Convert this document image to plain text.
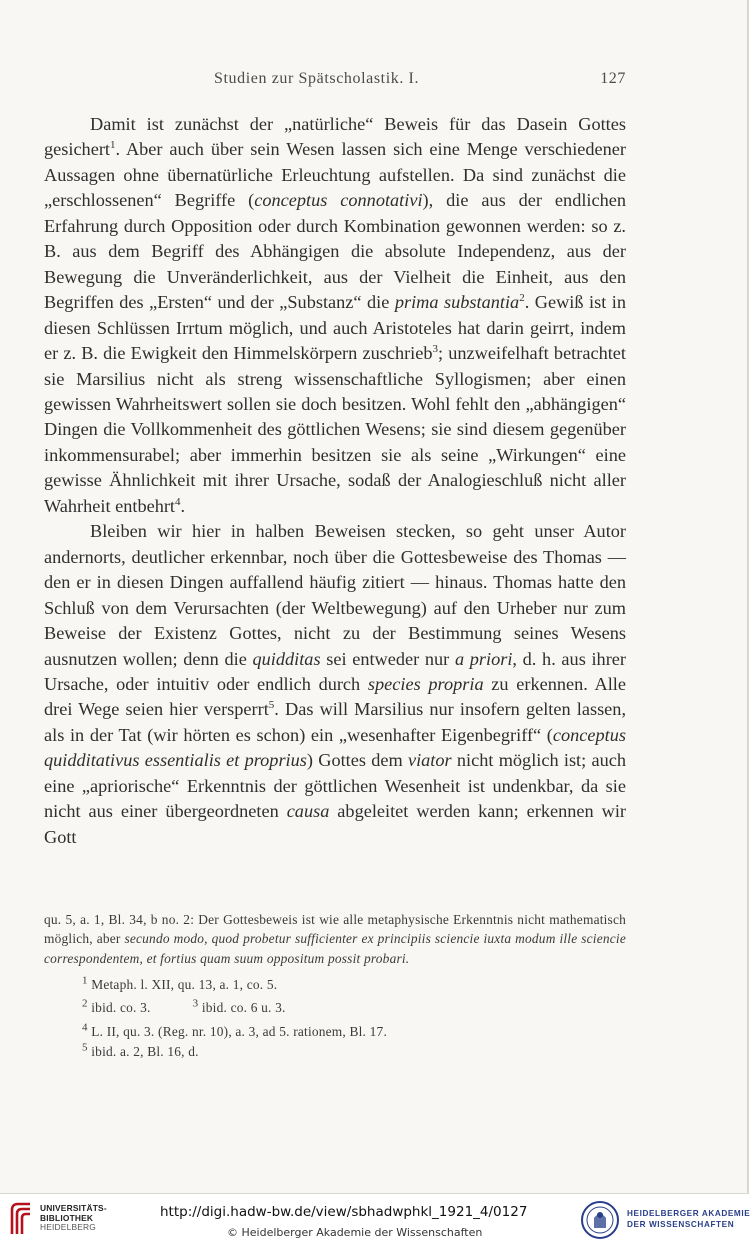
Studien zur Spätscholastik. I.	127

Damit ist zunächst der „natürliche“ Beweis für das Dasein Gottes gesichert$^1$. Aber auch über sein Wesen lassen sich eine Menge verschiedener Aussagen ohne übernatürliche Erleuchtung aufstellen. Da sind zunächst die „erschlossenen“ Begriffe (conceptus connotativi), die aus der endlichen Erfahrung durch Opposition oder durch Kombination gewonnen werden: so z. B. aus dem Begriff des Abhängigen die absolute Independenz, aus der Bewegung die Unveränderlichkeit, aus der Vielheit die Einheit, aus den Begriffen des „Ersten“ und der „Substanz“ die prima substantia$^2$. Gewiß ist in diesen Schlüssen Irrtum möglich, und auch Aristoteles hat darin geirrt, indem er z. B. die Ewigkeit den Himmelskörpern zuschrieb$^3$; unzweifelhaft betrachtet sie Marsilius nicht als streng wissenschaftliche Syllogismen; aber einen gewissen Wahrheitswert sollen sie doch besitzen. Wohl fehlt den „abhängigen“ Dingen die Vollkommenheit des göttlichen Wesens; sie sind diesem gegenüber inkommensurabel; aber immerhin besitzen sie als seine „Wirkungen“ eine gewisse Ähnlichkeit mit ihrer Ursache, sodaß der Analogieschluß nicht aller Wahrheit entbehrt$^4$.

Bleiben wir hier in halben Beweisen stecken, so geht unser Autor andernorts, deutlicher erkennbar, noch über die Gottesbeweise des Thomas — den er in diesen Dingen auffallend häufig zitiert — hinaus. Thomas hatte den Schluß von dem Verursachten (der Weltbewegung) auf den Urheber nur zum Beweise der Existenz Gottes, nicht zu der Bestimmung seines Wesens ausnutzen wollen; denn die quidditas sei entweder nur a priori, d. h. aus ihrer Ursache, oder intuitiv oder endlich durch species propria zu erkennen. Alle drei Wege seien hier versperrt$^5$. Das will Marsilius nur insofern gelten lassen, als in der Tat (wir hörten es schon) ein „wesenhafter Eigenbegriff“ (conceptus quidditativus essentialis et proprius) Gottes dem viator nicht möglich ist; auch eine „apriorische“ Erkenntnis der göttlichen Wesenheit ist undenkbar, da sie nicht aus einer übergeordneten causa abgeleitet werden kann; erkennen wir Gott

qu. 5, a. 1, Bl. 34, b no. 2: Der Gottesbeweis ist wie alle metaphysische Erkenntnis nicht mathematisch möglich, aber secundo modo, quod probetur sufficienter ex principiis sciencie iuxta modum ille sciencie correspondentem, et fortius quam suum oppositum possit probari.

$^1$ Metaph. l. XII, qu. 13, a. 1, co. 5.

$^2$ ibid. co. 3.	$^3$ ibid. co. 6 u. 3.

$^4$ L. II, qu. 3. (Reg. nr. 10), a. 3, ad 5. rationem, Bl. 17.

$^5$ ibid. a. 2, Bl. 16, d.

UNIVERSITÄTS-
BIBLIOTHEK
HEIDELBERG
http://digi.hadw-bw.de/view/sbhadwphkl_1921_4/0127
© Heidelberger Akademie der Wissenschaften
HEIDELBERGER AKADEMIE
DER WISSENSCHAFTEN
